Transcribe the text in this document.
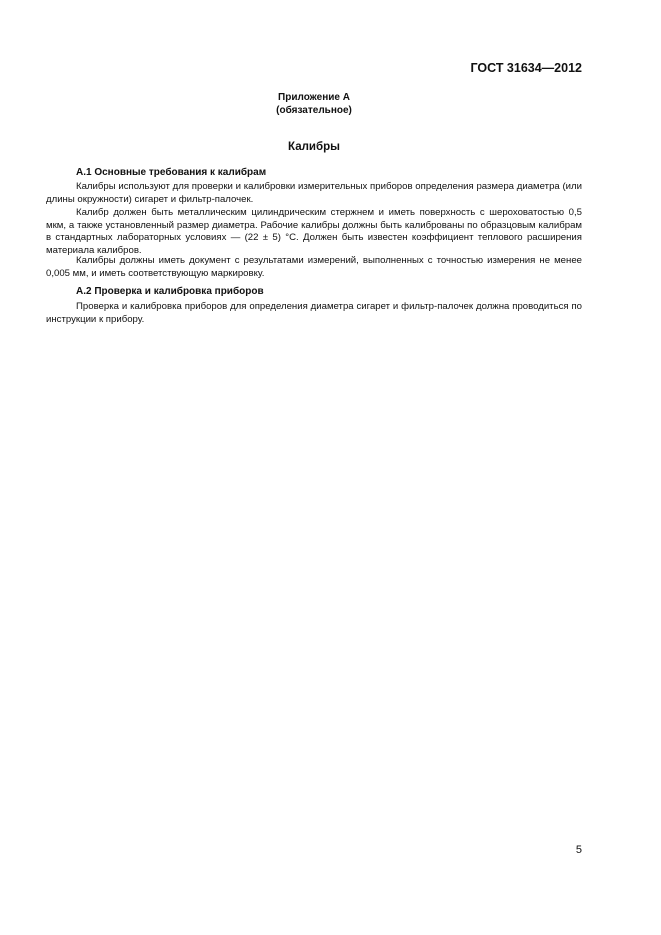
ГОСТ 31634—2012
Приложение А
(обязательное)
Калибры
А.1 Основные требования к калибрам

Калибры используют для проверки и калибровки измерительных приборов определения размера диаметра (или длины окружности) сигарет и фильтр-палочек.

Калибр должен быть металлическим цилиндрическим стержнем и иметь поверхность с шероховатостью 0,5 мкм, а также установленный размер диаметра. Рабочие калибры должны быть калиброваны по образцовым калибрам в стандартных лабораторных условиях — (22 ± 5) °С. Должен быть известен коэффициент теплового расширения материала калибров.

Калибры должны иметь документ с результатами измерений, выполненных с точностью измерения не менее 0,005 мм, и иметь соответствующую маркировку.

А.2 Проверка и калибровка приборов

Проверка и калибровка приборов для определения диаметра сигарет и фильтр-палочек должна проводиться по инструкции к прибору.

5
